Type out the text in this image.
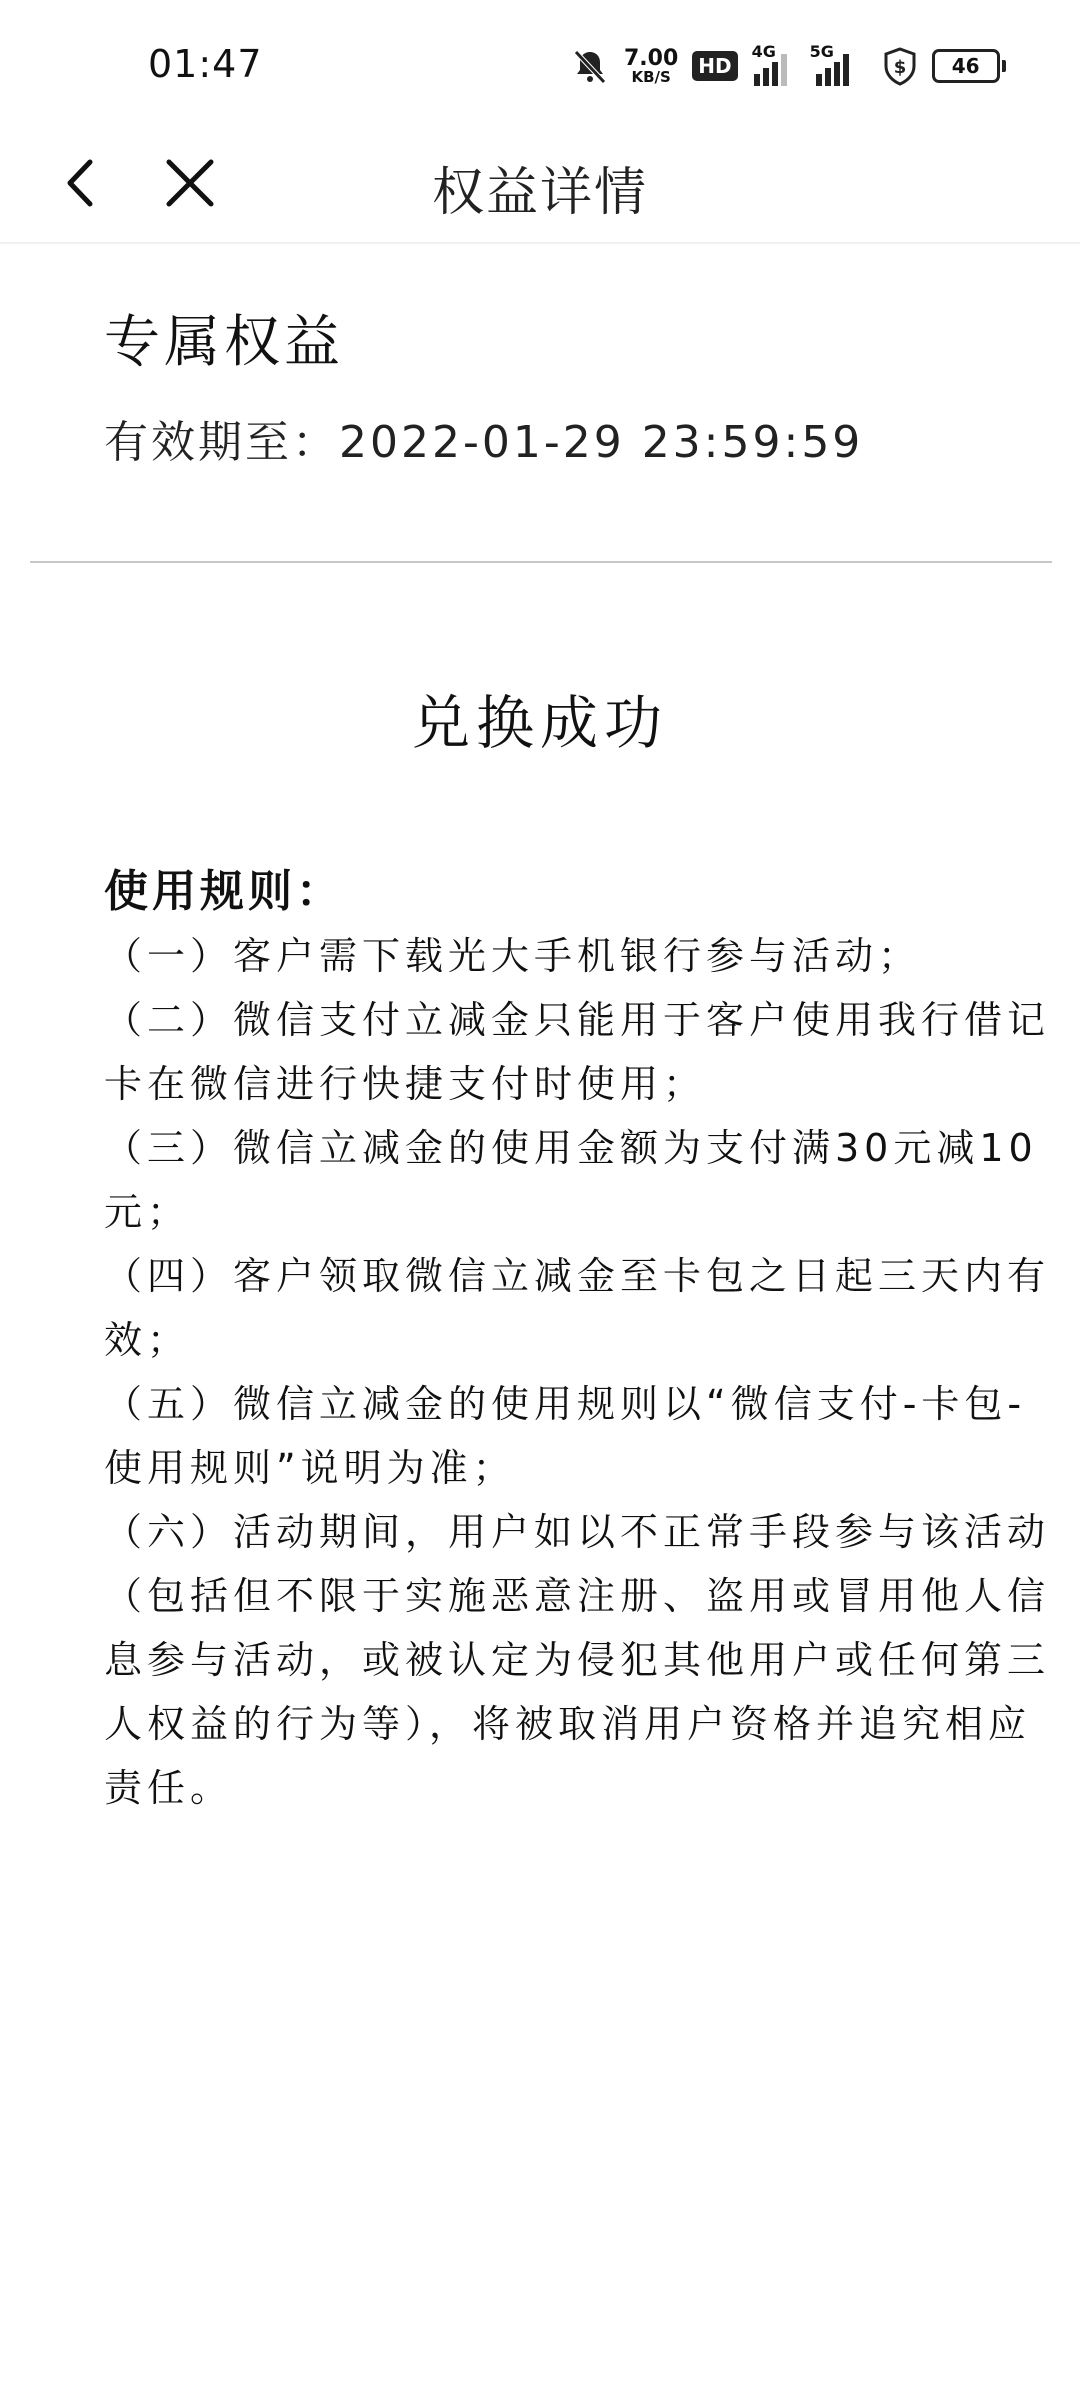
01:47	7.00
KB/S	HD
4G 5G
$ 46
权益详情
专属权益
有效期至：2022-01-29 23:59:59
兑换成功
使用规则：

（一）客户需下载光大手机银行参与活动；

（二）微信支付立减金只能用于客户使用我行借记卡在微信进行快捷支付时使用；

（三）微信立减金的使用金额为支付满30元减10元；

（四）客户领取微信立减金至卡包之日起三天内有效；

（五）微信立减金的使用规则以“微信支付-卡包-使用规则”说明为准；

（六）活动期间，用户如以不正常手段参与该活动（包括但不限于实施恶意注册、盗用或冒用他人信息参与活动，或被认定为侵犯其他用户或任何第三人权益的行为等），将被取消用户资格并追究相应责任。
